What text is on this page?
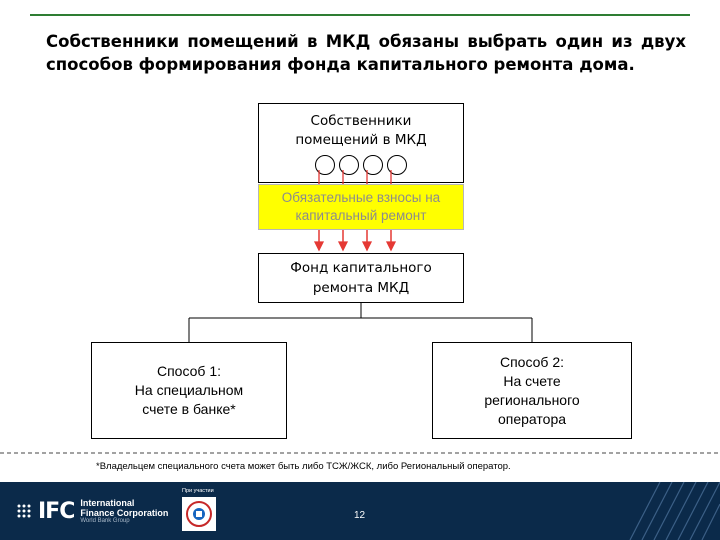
Собственники помещений в МКД обязаны выбрать один из двух способов формирования фонда капитального ремонта дома.
Собственники
помещений в МКД
Обязательные взносы на
капитальный ремонт
Фонд капитального
ремонта МКД
Способ 1:
На специальном
счете в банке*
Способ 2:
На счете
регионального
оператора
*Владельцем специального счета может быть либо ТСЖ/ЖСК, либо Региональный оператор.
IFC International
Finance Corporation
World Bank Group
При участии
12
